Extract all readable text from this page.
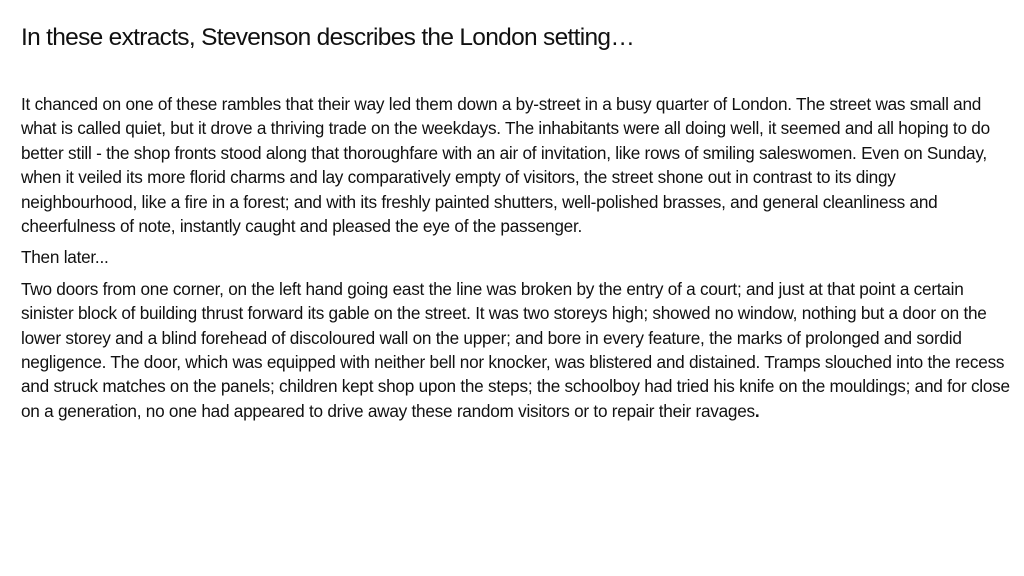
In these extracts, Stevenson describes the London setting…

It chanced on one of these rambles that their way led them down a by-street in a busy quarter of London. The street was small and what is called quiet, but it drove a thriving trade on the weekdays. The inhabitants were all doing well, it seemed and all hoping to do better still - the shop fronts stood along that thoroughfare with an air of invitation, like rows of smiling saleswomen. Even on Sunday, when it veiled its more florid charms and lay comparatively empty of visitors, the street shone out in contrast to its dingy neighbourhood, like a fire in a forest; and with its freshly painted shutters, well-polished brasses, and general cleanliness and cheerfulness of note, instantly caught and pleased the eye of the passenger.

Then later...

Two doors from one corner, on the left hand going east the line was broken by the entry of a court; and just at that point a certain sinister block of building thrust forward its gable on the street. It was two storeys high; showed no window, nothing but a door on the lower storey and a blind forehead of discoloured wall on the upper; and bore in every feature, the marks of prolonged and sordid negligence. The door, which was equipped with neither bell nor knocker, was blistered and distained. Tramps slouched into the recess and struck matches on the panels; children kept shop upon the steps; the schoolboy had tried his knife on the mouldings; and for close on a generation, no one had appeared to drive away these random visitors or to repair their ravages.
